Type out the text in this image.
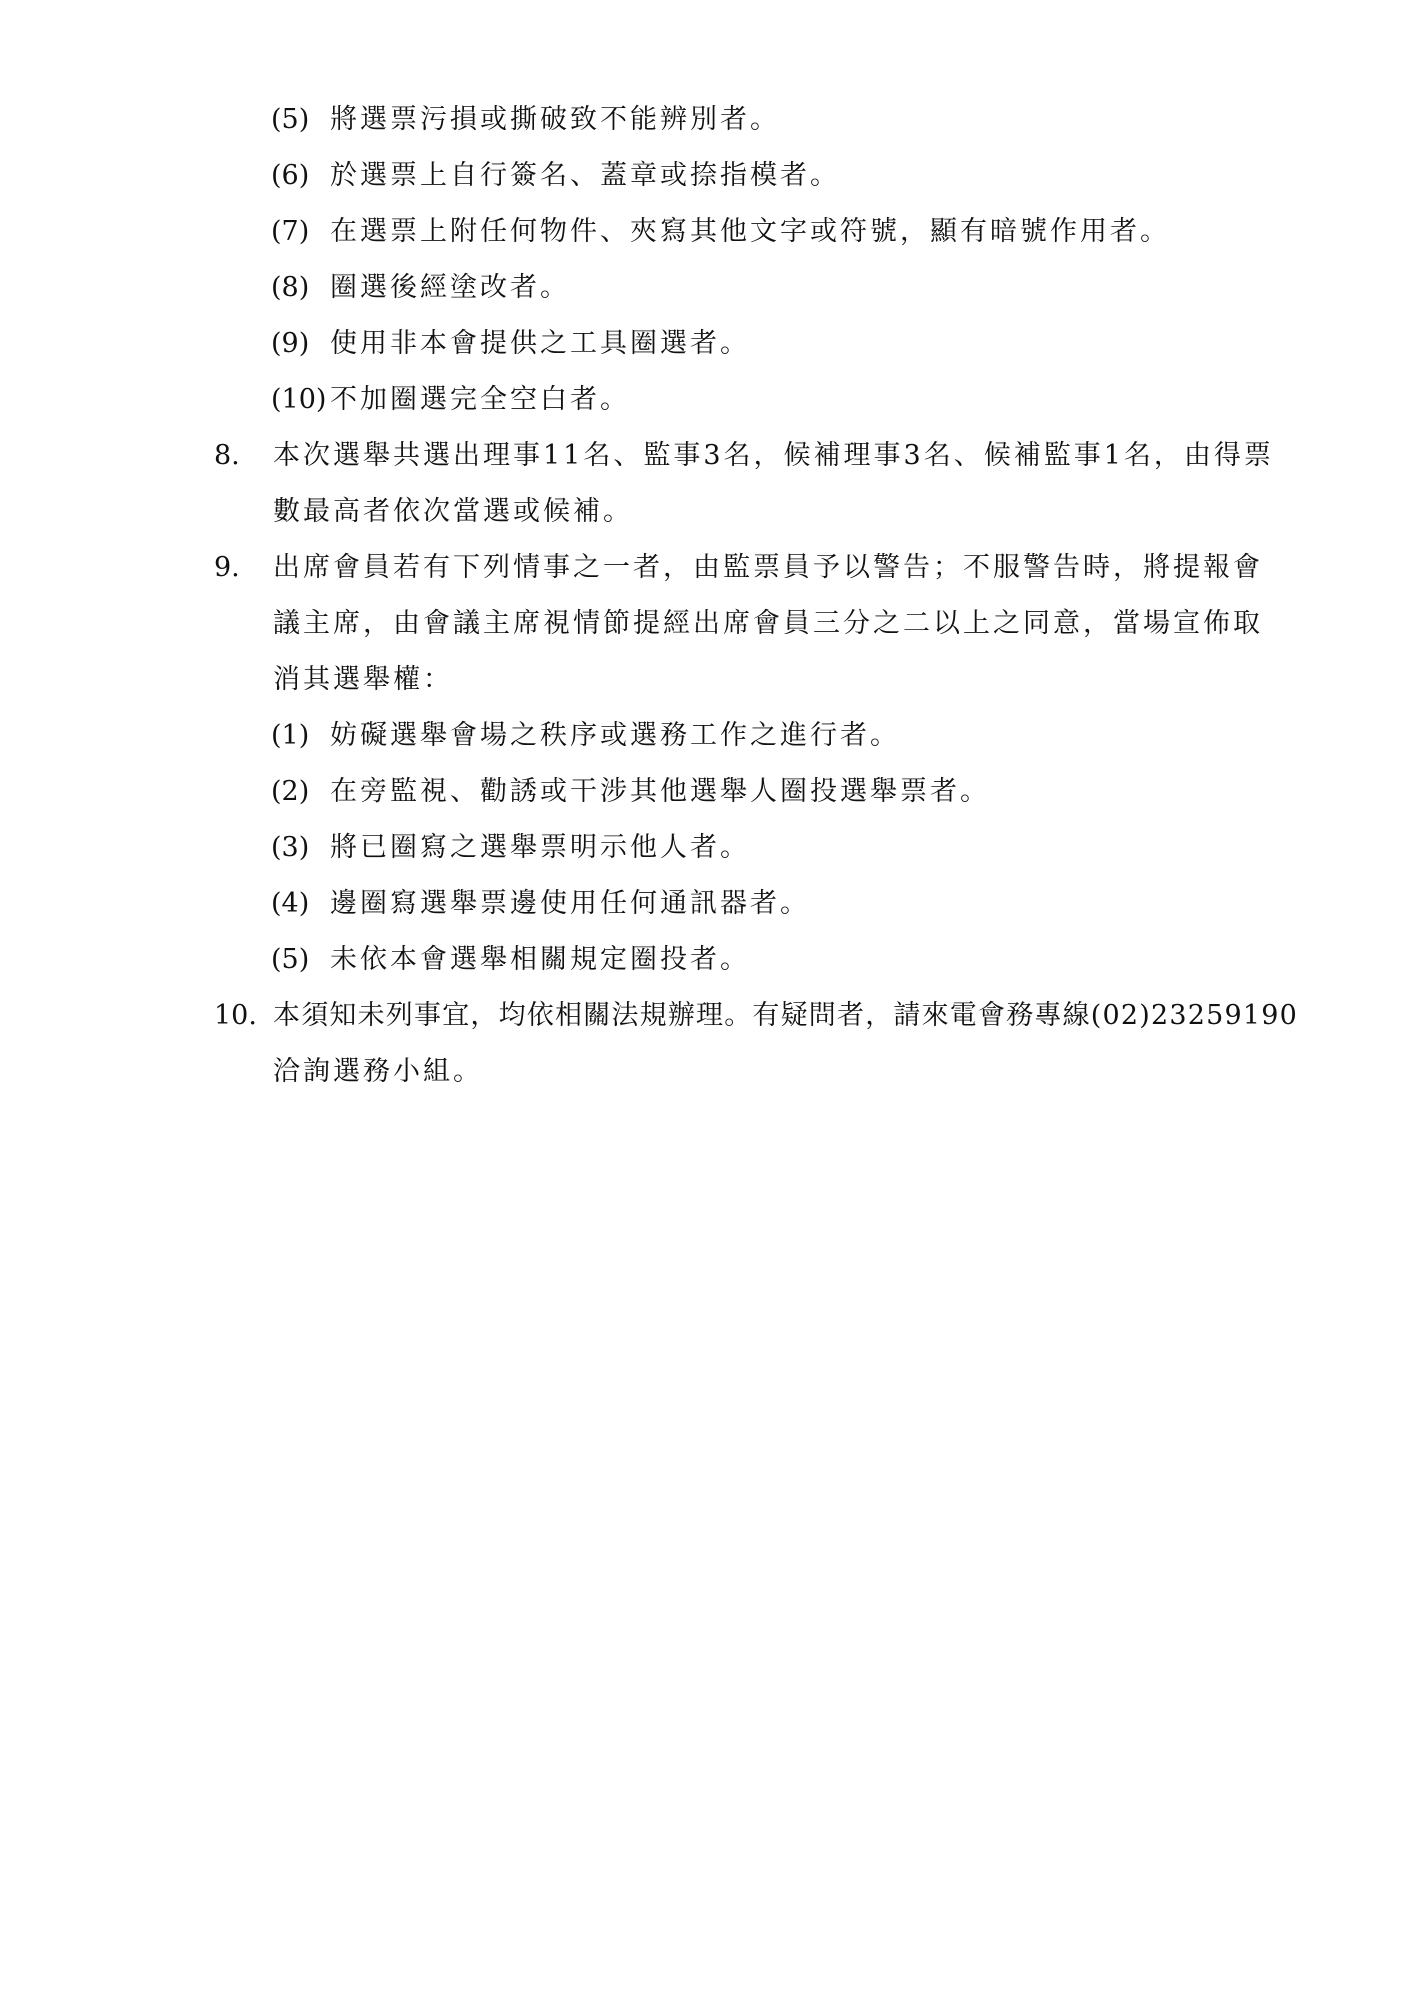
(5) 將選票污損或撕破致不能辨別者。
(6) 於選票上自行簽名、蓋章或捺指模者。
(7) 在選票上附任何物件、夾寫其他文字或符號，顯有暗號作用者。
(8) 圈選後經塗改者。
(9) 使用非本會提供之工具圈選者。
(10) 不加圈選完全空白者。
8. 本次選舉共選出理事11名、監事3名，候補理事3名、候補監事1名，由得票
數最高者依次當選或候補。
9. 出席會員若有下列情事之一者，由監票員予以警告；不服警告時，將提報會
議主席，由會議主席視情節提經出席會員三分之二以上之同意，當場宣佈取
消其選舉權：
(1) 妨礙選舉會場之秩序或選務工作之進行者。
(2) 在旁監視、勸誘或干涉其他選舉人圈投選舉票者。
(3) 將已圈寫之選舉票明示他人者。
(4) 邊圈寫選舉票邊使用任何通訊器者。
(5) 未依本會選舉相關規定圈投者。
10. 本須知未列事宜，均依相關法規辦理。有疑問者，請來電會務專線(02)23259190
洽詢選務小組。
